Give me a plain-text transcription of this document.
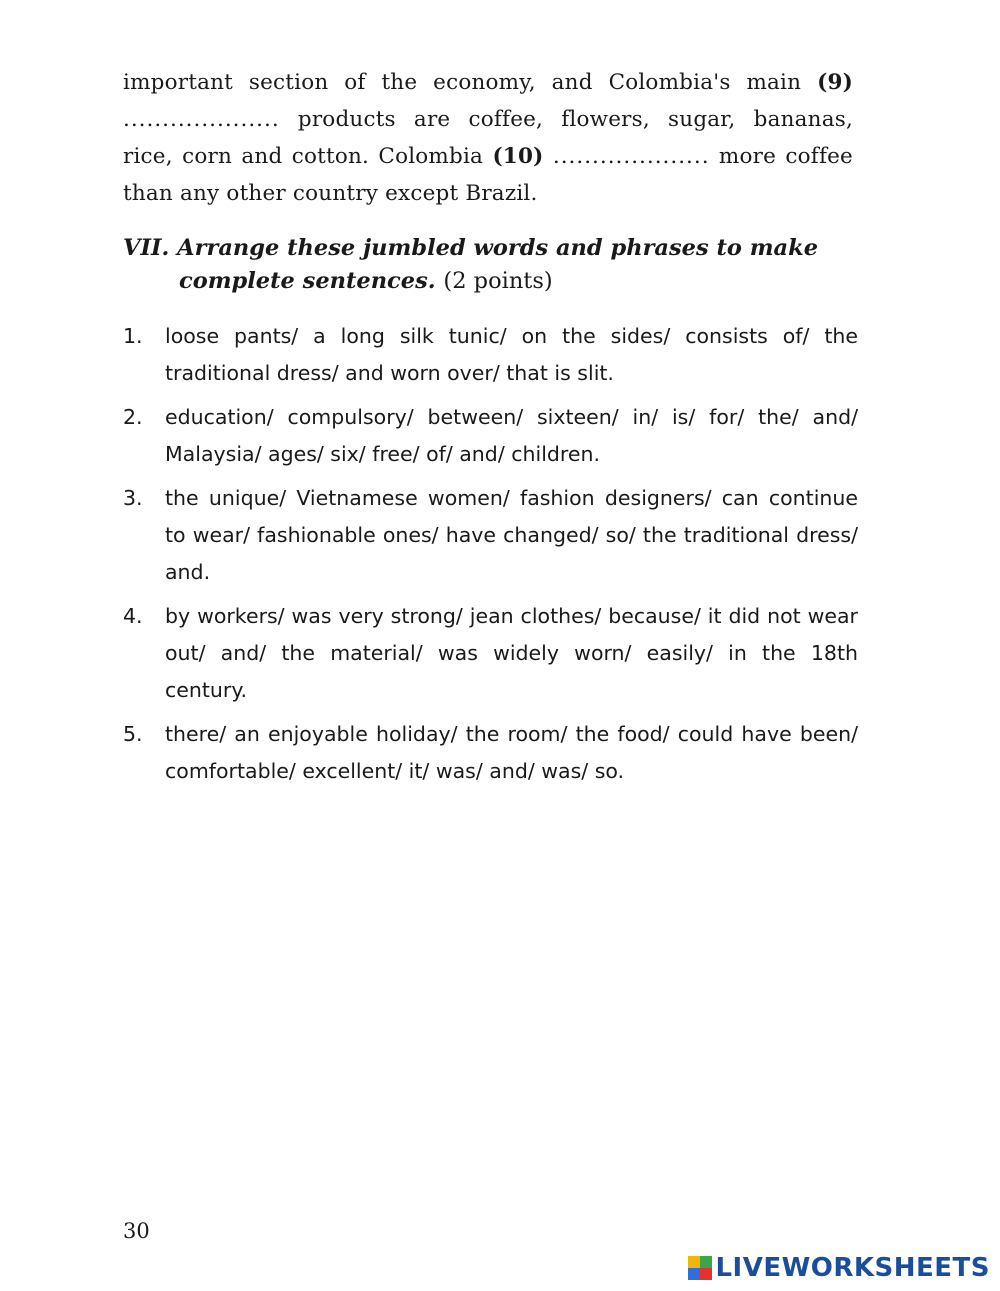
important section of the economy, and Colombia's main (9)
.................... products are coffee, flowers, sugar, bananas,
rice, corn and cotton. Colombia (10) .................... more coffee
than any other country except Brazil.
VII. Arrange these jumbled words and phrases to make
complete sentences. (2 points)
1. loose pants/ a long silk tunic/ on the sides/ consists of/ the traditional dress/ and worn over/ that is slit.
2. education/ compulsory/ between/ sixteen/ in/ is/ for/ the/ and/ Malaysia/ ages/ six/ free/ of/ and/ children.
3. the unique/ Vietnamese women/ fashion designers/ can continue to wear/ fashionable ones/ have changed/ so/ the traditional dress/ and.
4. by workers/ was very strong/ jean clothes/ because/ it did not wear out/ and/ the material/ was widely worn/ easily/ in the 18th century.
5. there/ an enjoyable holiday/ the room/ the food/ could have been/ comfortable/ excellent/ it/ was/ and/ was/ so.
30
LIVEWORKSHEETS
